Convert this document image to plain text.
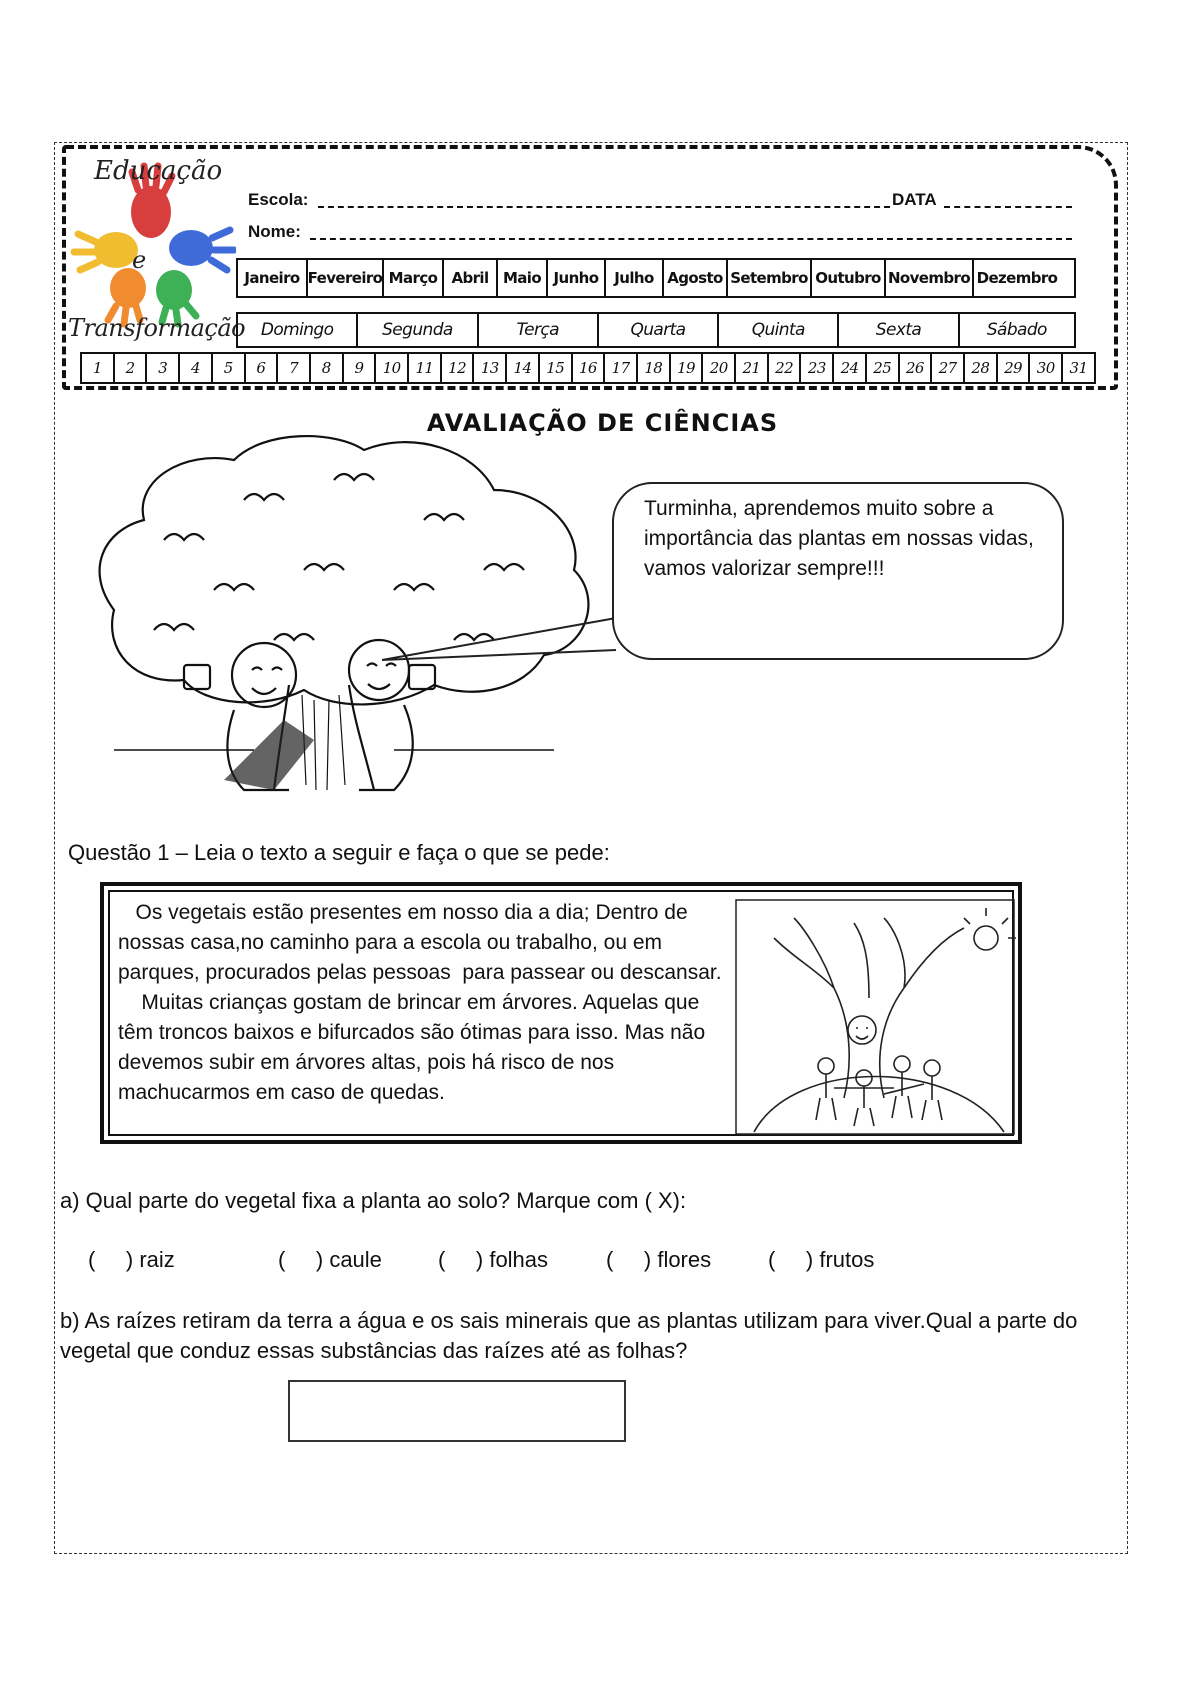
Educação
e
Transformação
Escola:	DATA
Nome:
Janeiro Fevereiro Março Abril Maio Junho	Julho Agosto Setembro Outubro Novembro Dezembro
Domingo	Segunda	Terça	Quarta	Quinta	Sexta	Sábado
1	2	3	4	5	6	7	8	9	10 11 12 13 14 15 16 17 18 19 20 21 22 23 24 25 26 27 28 29 30 31
AVALIAÇÃO DE CIÊNCIAS
Turminha, aprendemos muito sobre a importância das plantas em nossas vidas, vamos valorizar sempre!!!
Questão 1 – Leia o texto a seguir e faça o que se pede:

Os vegetais estão presentes em nosso dia a dia; Dentro de nossas casa,no caminho para a escola ou trabalho, ou em parques, procurados pelas pessoas  para passear ou descansar.

Muitas crianças gostam de brincar em árvores. Aquelas que têm troncos baixos e bifurcados são ótimas para isso. Mas não devemos subir em árvores altas, pois há risco de nos machucarmos em caso de quedas.

a) Qual parte do vegetal fixa a planta ao solo? Marque com ( X):
(     ) raiz	(     ) caule	(     ) folhas	(     ) flores	(     ) frutos
b) As raízes retiram da terra a água e os sais minerais que as plantas utilizam para viver.Qual a parte do vegetal que conduz essas substâncias das raízes até as folhas?
